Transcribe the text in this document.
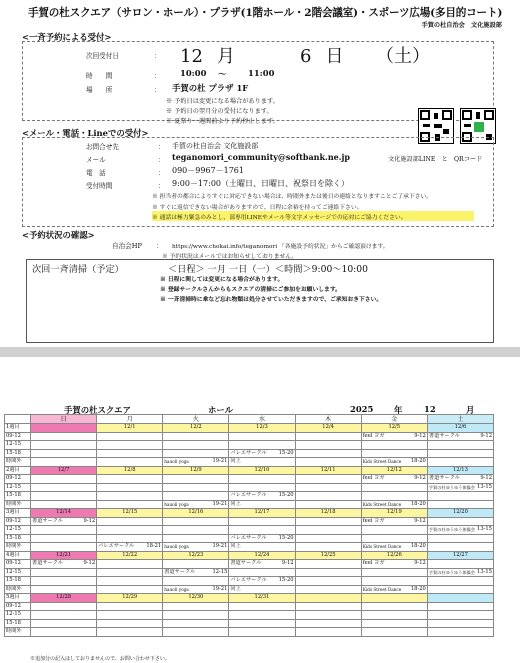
手賀の杜スクエア（サロン・ホール）・プラザ(1階ホール・2階会議室)・スポーツ広場(多目的コート)
手賀の杜自治会　文化施設部
<一斉予約による受付>
次回受付日	： 12 月	6 日 （土）
時　　間	： 10:00 〜	11:00
場　　所	： 手賀の杜 プラザ 1F
※ 予約日は変更になる場合があります。
※ 予約日の翌月分の受付になります。
※ 夏祭り一週間前より予約停止します。
<メール・電話・Lineでの受付>
お問合せ先	： 手賀の杜自治会 文化施設部
メール	： teganomori_community@softbank.ne.jp	文化施設部LINE　と　QRコード
電　話	： 090－9967－1761
受付時間	： 9:00－17:00（土曜日、日曜日、祝祭日を除く）
※ 担当者の都合によりすぐに対応できない場合は、時間外または後日の連絡となりますことご了承下さい。
※ すぐに返信できない場合がありますので、日程に余裕を持ってご連絡下さい。
※ 通話は極力緊急のみとし、部専用LINEやメール等文字メッセージでの応対にご協力ください。
<予約状況の確認>
自治会HP ： https://www.chokai.info/teganomori 「各施設予約状況」からご確認頂けます。
※ 予約状況はメールではお知らせしておりません。
次回一斉清掃（予定）	＜日程＞ 一月 一日（一）＜時間＞9:00〜10:00
※ 日程に関しては変更になる場合があります。
※ 登録サークルさんからもスクエアの清掃にご参加をお願いします。
※ 一斉清掃時に傘など忘れ物類は処分させていただきますので、ご承知おき下さい。
手賀の杜スクエア	ホール	2025 年	12	月
	日	月	火	水	木	金	土
1週目		12/1	12/2	12/3	12/4	12/5	12/6
09-12						feel ヨガ 9-12	書道サークル 9-12

12-15							
15-18				バレエサークル 15-20			

時間外			hauoli yoga 19-21	同上		Kids Street Dance 18-20	

2週目	12/7	12/8	12/9	12/10	12/11	12/12	12/13
09-12						feel ヨガ 9-12	書道サークル 9-12

12-15							手賀の杜ゆうゆう体操会 13-15

15-18				バレエサークル 15-20			

時間外			hauoli yoga 19-21	同上		Kids Street Dance 18-20	

3週目	12/14	12/15	12/16	12/17	12/18	12/19	12/20
09-12	書道サークル 9-12					feel ヨガ 9-12	

12-15							手賀の杜ゆうゆう体操会 13-15

15-18				バレエサークル 15-20			

時間外		バレエサークル 18-21	hauoli yoga 19-21	同上		Kids Street Dance 18-20	

4週目	12/21	12/22	12/23	12/24	12/25	12/26	12/27
09-12	書道サークル 9-12			書道サークル 9-12		feel ヨガ 9-12	

12-15			書道サークル 12-15				手賀の杜ゆうゆう体操会 13-15

15-18				バレエサークル 15-20			

時間外			hauoli yoga 19-21	同上		Kids Street Dance 18-20	

5週目	12/28	12/29	12/30	12/31			
09-12							
12-15							
15-18							
時間外							
※追加分の記入はしておりませんので、お問い合わせ下さい。
